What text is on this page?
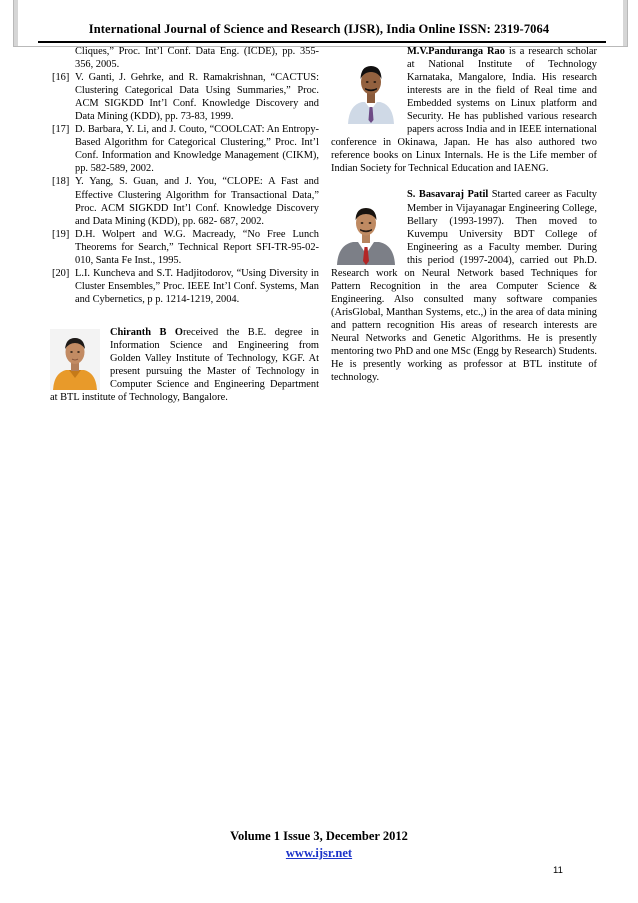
International Journal of Science and Research (IJSR), India Online ISSN: 2319-7064

Cliques,” Proc. Int’l Conf. Data Eng. (ICDE), pp. 355-356, 2005.

[16] V. Ganti, J. Gehrke, and R. Ramakrishnan, “CACTUS: Clustering Categorical Data Using Summaries,” Proc. ACM SIGKDD Int’l Conf. Knowledge Discovery and Data Mining (KDD), pp. 73-83, 1999.
[17] D. Barbara, Y. Li, and J. Couto, “COOLCAT: An Entropy-Based Algorithm for Categorical Clustering,” Proc. Int’l Conf. Information and Knowledge Management (CIKM), pp. 582-589, 2002.
[18] Y. Yang, S. Guan, and J. You, “CLOPE: A Fast and Effective Clustering Algorithm for Transactional Data,” Proc. ACM SIGKDD Int’l Conf. Knowledge Discovery and Data Mining (KDD), pp. 682- 687, 2002.
[19] D.H. Wolpert and W.G. Macready, “No Free Lunch Theorems for Search,” Technical Report SFI-TR-95-02-010, Santa Fe Inst., 1995.
[20] L.I. Kuncheva and S.T. Hadjitodorov, “Using Diversity in Cluster Ensembles,” Proc. IEEE Int’l Conf. Systems, Man and Cybernetics, p p. 1214-1219, 2004.

Chiranth B Oreceived the B.E. degree in Information Science and Engineering from Golden Valley Institute of Technology, KGF. At present pursuing the Master of Technology in Computer Science and Engineering Department at BTL institute of Technology, Bangalore.

M.V.Panduranga Rao is a research scholar at National Institute of Technology Karnataka, Mangalore, India. His research interests are in the field of Real time and Embedded systems on Linux platform and Security. He has published various research papers across India and in IEEE international conference in Okinawa, Japan. He has also authored two reference books on Linux Internals. He is the Life member of Indian Society for Technical Education and IAENG.

S. Basavaraj Patil Started career as Faculty Member in Vijayanagar Engineering College, Bellary (1993-1997). Then moved to Kuvempu University BDT College of Engineering as a Faculty member. During this period (1997-2004), carried out Ph.D. Research work on Neural Network based Techniques for Pattern Recognition in the area Computer Science & Engineering. Also consulted many software companies (ArisGlobal, Manthan Systems, etc.,) in the area of data mining and pattern recognition His areas of research interests are Neural Networks and Genetic Algorithms. He is presently mentoring two PhD and one MSc (Engg by Research) Students. He is presently working as professor at BTL institute of technology.

Volume 1 Issue 3, December 2012
www.ijsr.net
11
